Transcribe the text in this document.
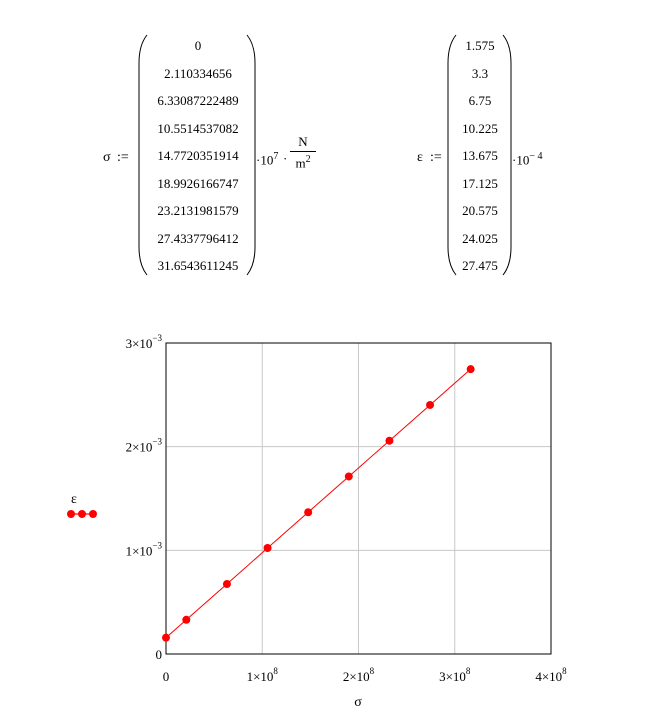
σ :=
0
2.110334656
6.33087222489
10.5514537082
14.7720351914
18.9926166747
23.2131981579
27.4337796412
31.6543611245
$\cdot 10^7$ ·
N
$m^2$	ε :=
1.575
3.3
6.75
10.225
13.675
17.125
20.575
24.025
27.475
$\cdot 10^{- 4}$
0	$1\times 10^8$	$2\times 10^8$	$3\times 10^8$	$4\times 10^8$
0
$1\times 10^{-3}$
$2\times 10^{-3}$
$3\times 10^{-3}$
σ
ε
